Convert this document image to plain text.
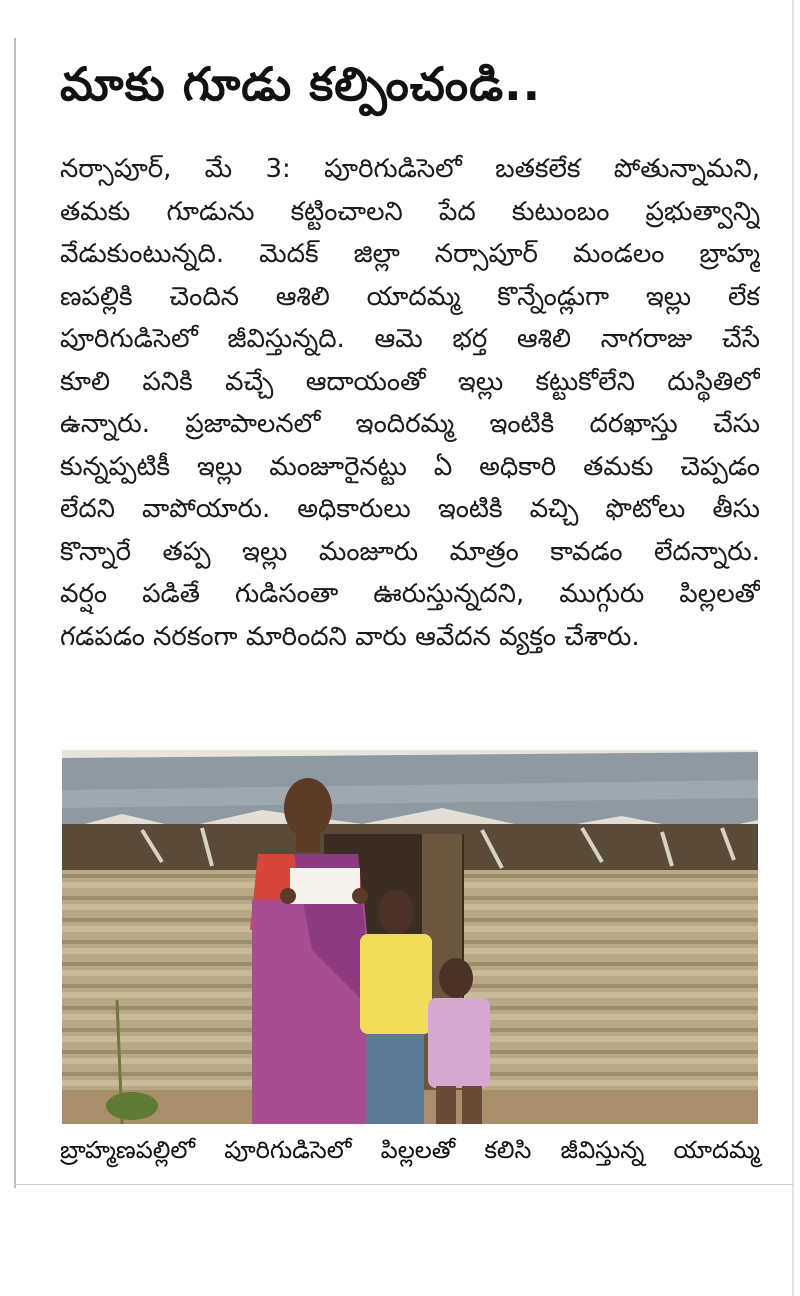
మాకు గూడు కల్పించండి..
నర్సాపూర్, మే 3: పూరిగుడిసెలో బతకలేక పోతున్నామని,
తమకు గూడును కట్టించాలని పేద కుటుంబం ప్రభుత్వాన్ని
వేడుకుంటున్నది. మెదక్ జిల్లా నర్సాపూర్ మండలం బ్రాహ్మ
ణపల్లికి చెందిన ఆశిలి యాదమ్మ కొన్నేండ్లుగా ఇల్లు లేక
పూరిగుడిసెలో జీవిస్తున్నది. ఆమె భర్త ఆశిలి నాగరాజు చేసే
కూలి పనికి వచ్చే ఆదాయంతో ఇల్లు కట్టుకోలేని దుస్థితిలో
ఉన్నారు. ప్రజాపాలనలో ఇందిరమ్మ ఇంటికి దరఖాస్తు చేసు
కున్నప్పటికీ ఇల్లు మంజూరైనట్టు ఏ అధికారి తమకు చెప్పడం
లేదని వాపోయారు. అధికారులు ఇంటికి వచ్చి ఫొటోలు తీసు
కొన్నారే తప్ప ఇల్లు మంజూరు మాత్రం కావడం లేదన్నారు.
వర్షం పడితే గుడిసంతా ఊరుస్తున్నదని, ముగ్గురు పిల్లలతో
గడపడం నరకంగా మారిందని వారు ఆవేదన వ్యక్తం చేశారు.
బ్రాహ్మణపల్లిలో పూరిగుడిసెలో పిల్లలతో కలిసి జీవిస్తున్న యాదమ్మ
